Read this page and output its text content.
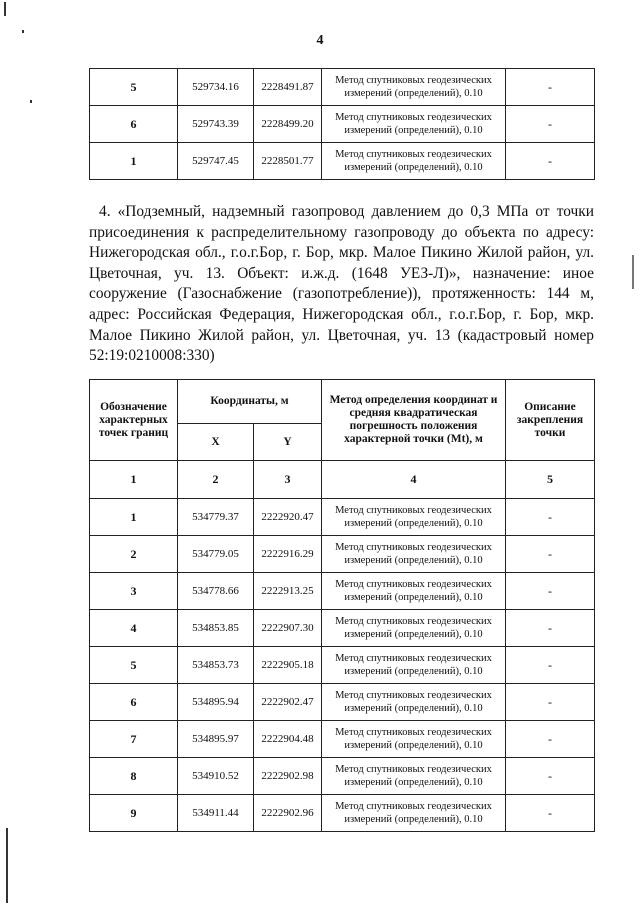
4
5	529734.16	2228491.87	Метод спутниковых геодезических измерений (определений), 0.10	-
6	529743.39	2228499.20	Метод спутниковых геодезических измерений (определений), 0.10	-
1	529747.45	2228501.77	Метод спутниковых геодезических измерений (определений), 0.10	-

4. «Подземный, надземный газопровод давлением до 0,3 МПа от точки присоединения к распределительному газопроводу до объекта по адресу: Нижегородская обл., г.о.г.Бор, г. Бор, мкр. Малое Пикино Жилой район, ул. Цветочная, уч. 13. Объект: и.ж.д. (1648 УЕЗ-Л)», назначение: иное сооружение (Газоснабжение (газопотребление)), протяженность: 144 м, адрес: Российская Федерация, Нижегородская обл., г.о.г.Бор, г. Бор, мкр. Малое Пикино Жилой район, ул. Цветочная, уч. 13 (кадастровый номер 52:19:0210008:330)

Обозначение характерных точек границ	Координаты, м		Метод определения координат и средняя квадратическая погрешность положения характерной точки (Mt), м	Описание закрепления точки
	X	Y		
1	2	3	4	5
1	534779.37	2222920.47	Метод спутниковых геодезических измерений (определений), 0.10	-
2	534779.05	2222916.29	Метод спутниковых геодезических измерений (определений), 0.10	-
3	534778.66	2222913.25	Метод спутниковых геодезических измерений (определений), 0.10	-
4	534853.85	2222907.30	Метод спутниковых геодезических измерений (определений), 0.10	-
5	534853.73	2222905.18	Метод спутниковых геодезических измерений (определений), 0.10	-
6	534895.94	2222902.47	Метод спутниковых геодезических измерений (определений), 0.10	-
7	534895.97	2222904.48	Метод спутниковых геодезических измерений (определений), 0.10	-
8	534910.52	2222902.98	Метод спутниковых геодезических измерений (определений), 0.10	-
9	534911.44	2222902.96	Метод спутниковых геодезических измерений (определений), 0.10	-
